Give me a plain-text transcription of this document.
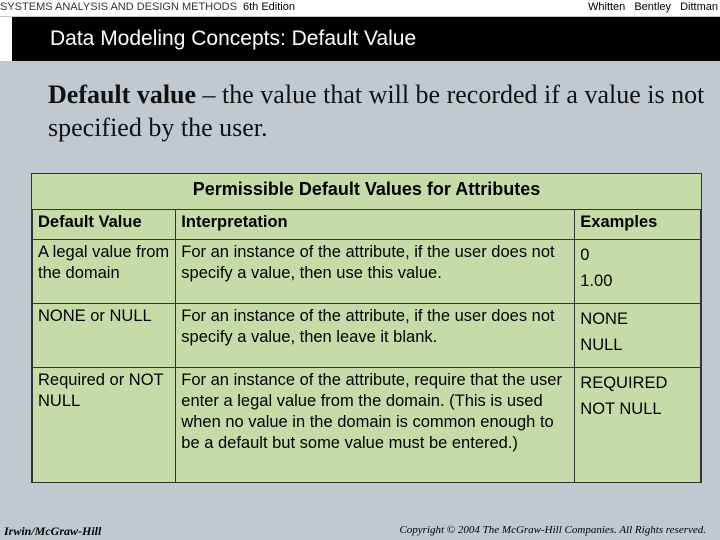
SYSTEMS ANALYSIS AND DESIGN METHODS 6th Edition	Whitten Bentley Dittman
Data Modeling Concepts: Default Value
Default value – the value that will be recorded if a value is not specified by the user.
Permissible Default Values for Attributes
Default Value	Interpretation	Examples
A legal value from the domain	For an instance of the attribute, if the user does not specify a value, then use this value.	0
1.00

NONE or NULL	For an instance of the attribute, if the user does not specify a value, then leave it blank.	NONE
NULL

Required or NOT NULL	For an instance of the attribute, require that the user enter a legal value from the domain. (This is used when no value in the domain is common enough to be a default but some value must be entered.)	REQUIRED
NOT NULL
Irwin/McGraw-Hill	Copyright © 2004 The McGraw-Hill Companies. All Rights reserved.
